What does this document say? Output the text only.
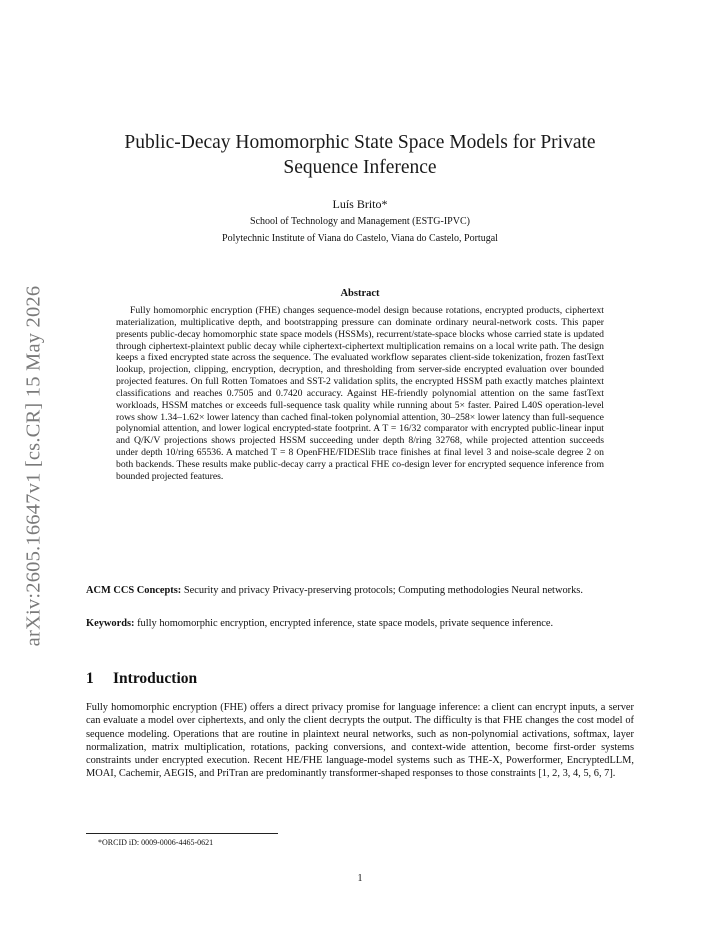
arXiv:2605.16647v1 [cs.CR] 15 May 2026
Public-Decay Homomorphic State Space Models for Private Sequence Inference
Luís Brito*
School of Technology and Management (ESTG-IPVC)
Polytechnic Institute of Viana do Castelo, Viana do Castelo, Portugal
Abstract
Fully homomorphic encryption (FHE) changes sequence-model design because rotations, encrypted products, ciphertext materialization, multiplicative depth, and bootstrapping pressure can dominate ordinary neural-network costs. This paper presents public-decay homomorphic state space models (HSSMs), recurrent/state-space blocks whose carried state is updated through ciphertext-plaintext public decay while ciphertext-ciphertext multiplication remains on a local write path. The design keeps a fixed encrypted state across the sequence. The evaluated workflow separates client-side tokenization, frozen fastText lookup, projection, clipping, encryption, decryption, and thresholding from server-side encrypted evaluation over bounded projected features. On full Rotten Tomatoes and SST-2 validation splits, the encrypted HSSM path exactly matches plaintext classifications and reaches 0.7505 and 0.7420 accuracy. Against HE-friendly polynomial attention on the same fastText workloads, HSSM matches or exceeds full-sequence task quality while running about 5× faster. Paired L40S operation-level rows show 1.34–1.62× lower latency than cached final-token polynomial attention, 30–258× lower latency than full-sequence polynomial attention, and lower logical encrypted-state footprint. A T = 16/32 comparator with encrypted public-linear input and Q/K/V projections shows projected HSSM succeeding under depth 8/ring 32768, while projected attention succeeds under depth 10/ring 65536. A matched T = 8 OpenFHE/FIDESlib trace finishes at final level 3 and noise-scale degree 2 on both backends. These results make public-decay carry a practical FHE co-design lever for encrypted sequence inference from bounded projected features.
ACM CCS Concepts: Security and privacy Privacy-preserving protocols; Computing methodologies Neural networks.
Keywords: fully homomorphic encryption, encrypted inference, state space models, private sequence inference.
1 Introduction
Fully homomorphic encryption (FHE) offers a direct privacy promise for language inference: a client can encrypt inputs, a server can evaluate a model over ciphertexts, and only the client decrypts the output. The difficulty is that FHE changes the cost model of sequence modeling. Operations that are routine in plaintext neural networks, such as non-polynomial activations, softmax, layer normalization, matrix multiplication, rotations, packing conversions, and context-wide attention, become first-order systems constraints under encrypted execution. Recent HE/FHE language-model systems such as THE-X, Powerformer, EncryptedLLM, MOAI, Cachemir, AEGIS, and PriTran are predominantly transformer-shaped responses to those constraints [1, 2, 3, 4, 5, 6, 7].
*ORCID iD: 0009-0006-4465-0621
1
